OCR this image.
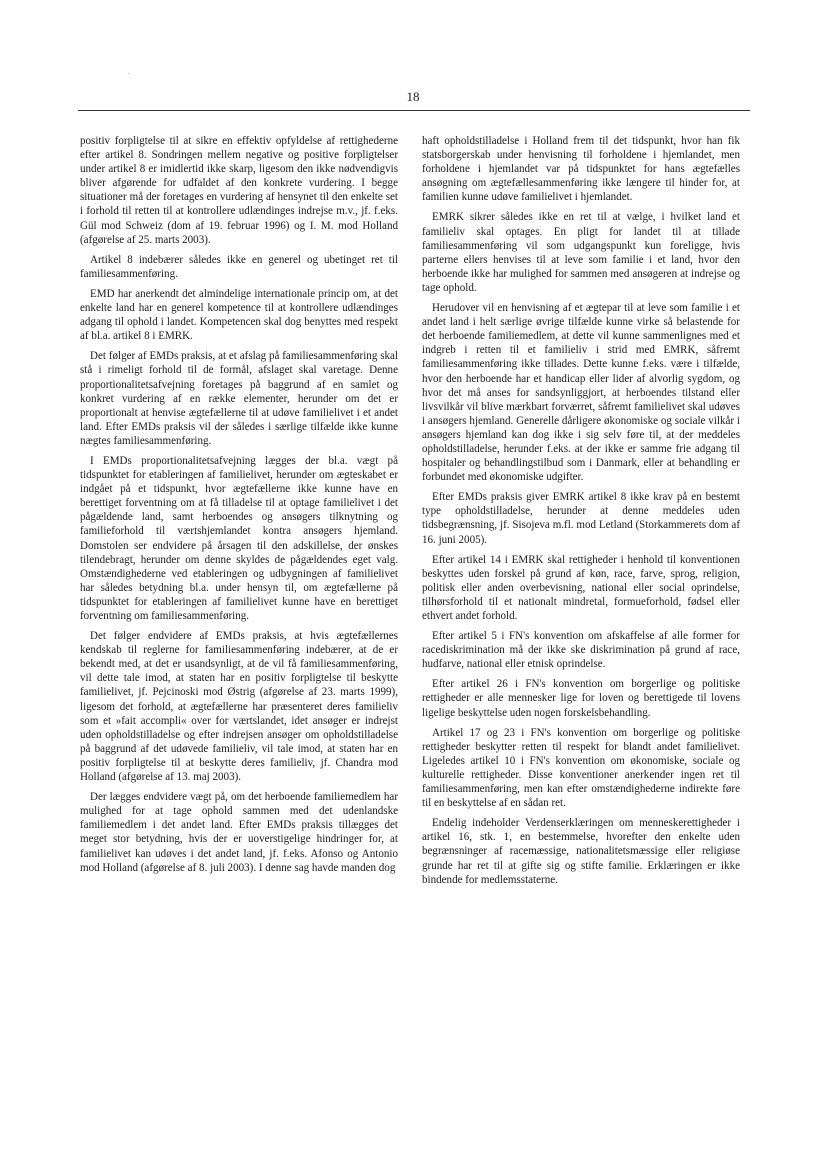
18

positiv forpligtelse til at sikre en effektiv opfyldelse af rettighederne efter artikel 8. Sondringen mellem negative og positive forpligtelser under artikel 8 er imidlertid ikke skarp, ligesom den ikke nødvendigvis bliver afgørende for udfaldet af den konkrete vurdering. I begge situationer må der foretages en vurdering af hensynet til den enkelte set i forhold til retten til at kontrollere udlændinges indrejse m.v., jf. f.eks. Gül mod Schweiz (dom af 19. februar 1996) og I. M. mod Holland (afgørelse af 25. marts 2003).

Artikel 8 indebærer således ikke en generel og ubetinget ret til familiesammenføring.

EMD har anerkendt det almindelige internationale princip om, at det enkelte land har en generel kompetence til at kontrollere udlændinges adgang til ophold i landet. Kompetencen skal dog benyttes med respekt af bl.a. artikel 8 i EMRK.

Det følger af EMDs praksis, at et afslag på familiesammenføring skal stå i rimeligt forhold til de formål, afslaget skal varetage. Denne proportionalitetsafvejning foretages på baggrund af en samlet og konkret vurdering af en række elementer, herunder om det er proportionalt at henvise ægtefællerne til at udøve familielivet i et andet land. Efter EMDs praksis vil der således i særlige tilfælde ikke kunne nægtes familiesammenføring.

I EMDs proportionalitetsafvejning lægges der bl.a. vægt på tidspunktet for etableringen af familielivet, herunder om ægteskabet er indgået på et tidspunkt, hvor ægtefællerne ikke kunne have en berettiget forventning om at få tilladelse til at optage familielivet i det pågældende land, samt herboendes og ansøgers tilknytning og familieforhold til værtshjemlandet kontra ansøgers hjemland. Domstolen ser endvidere på årsagen til den adskillelse, der ønskes tilendebragt, herunder om denne skyldes de pågældendes eget valg. Omstændighederne ved etableringen og udbygningen af familielivet har således betydning bl.a. under hensyn til, om ægtefællerne på tidspunktet for etableringen af familielivet kunne have en berettiget forventning om familiesammenføring.

Det følger endvidere af EMDs praksis, at hvis ægtefællernes kendskab til reglerne for familiesammenføring indebærer, at de er bekendt med, at det er usandsynligt, at de vil få familiesammenføring, vil dette tale imod, at staten har en positiv forpligtelse til beskytte familielivet, jf. Pejcinoski mod Østrig (afgørelse af 23. marts 1999), ligesom det forhold, at ægtefællerne har præsenteret deres familieliv som et »fait accompli« over for værtslandet, idet ansøger er indrejst uden opholdstilladelse og efter indrejsen ansøger om opholdstilladelse på baggrund af det udøvede familieliv, vil tale imod, at staten har en positiv forpligtelse til at beskytte deres familieliv, jf. Chandra mod Holland (afgørelse af 13. maj 2003).

Der lægges endvidere vægt på, om det herboende familiemedlem har mulighed for at tage ophold sammen med det udenlandske familiemedlem i det andet land. Efter EMDs praksis tillægges det meget stor betydning, hvis der er uoverstigelige hindringer for, at familielivet kan udøves i det andet land, jf. f.eks. Afonso og Antonio mod Holland (afgørelse af 8. juli 2003). I denne sag havde manden dog

haft opholdstilladelse i Holland frem til det tidspunkt, hvor han fik statsborgerskab under henvisning til forholdene i hjemlandet, men forholdene i hjemlandet var på tidspunktet for hans ægtefælles ansøgning om ægtefællesammenføring ikke længere til hinder for, at familien kunne udøve familielivet i hjemlandet.

EMRK sikrer således ikke en ret til at vælge, i hvilket land et familieliv skal optages. En pligt for landet til at tillade familiesammenføring vil som udgangspunkt kun foreligge, hvis parterne ellers henvises til at leve som familie i et land, hvor den herboende ikke har mulighed for sammen med ansøgeren at indrejse og tage ophold.

Herudover vil en henvisning af et ægtepar til at leve som familie i et andet land i helt særlige øvrige tilfælde kunne virke så belastende for det herboende familiemedlem, at dette vil kunne sammenlignes med et indgreb i retten til et familieliv i strid med EMRK, såfremt familiesammenføring ikke tillades. Dette kunne f.eks. være i tilfælde, hvor den herboende har et handicap eller lider af alvorlig sygdom, og hvor det må anses for sandsynliggjort, at herboendes tilstand eller livsvilkår vil blive mærkbart forværret, såfremt familielivet skal udøves i ansøgers hjemland. Generelle dårligere økonomiske og sociale vilkår i ansøgers hjemland kan dog ikke i sig selv føre til, at der meddeles opholdstilladelse, herunder f.eks. at der ikke er samme frie adgang til hospitaler og behandlingstilbud som i Danmark, eller at behandling er forbundet med økonomiske udgifter.

Efter EMDs praksis giver EMRK artikel 8 ikke krav på en bestemt type opholdstilladelse, herunder at denne meddeles uden tidsbegrænsning, jf. Sisojeva m.fl. mod Letland (Storkammerets dom af 16. juni 2005).

Efter artikel 14 i EMRK skal rettigheder i henhold til konventionen beskyttes uden forskel på grund af køn, race, farve, sprog, religion, politisk eller anden overbevisning, national eller social oprindelse, tilhørsforhold til et nationalt mindretal, formueforhold, fødsel eller ethvert andet forhold.

Efter artikel 5 i FN's konvention om afskaffelse af alle former for racediskrimination må der ikke ske diskrimination på grund af race, hudfarve, national eller etnisk oprindelse.

Efter artikel 26 i FN's konvention om borgerlige og politiske rettigheder er alle mennesker lige for loven og berettigede til lovens ligelige beskyttelse uden nogen forskelsbehandling.

Artikel 17 og 23 i FN's konvention om borgerlige og politiske rettigheder beskytter retten til respekt for blandt andet familielivet. Ligeledes artikel 10 i FN's konvention om økonomiske, sociale og kulturelle rettigheder. Disse konventioner anerkender ingen ret til familiesammenføring, men kan efter omstændighederne indirekte føre til en beskyttelse af en sådan ret.

Endelig indeholder Verdenserklæringen om menneskerettigheder i artikel 16, stk. 1, en bestemmelse, hvorefter den enkelte uden begrænsninger af racemæssige, nationalitetsmæssige eller religiøse grunde har ret til at gifte sig og stifte familie. Erklæringen er ikke bindende for medlemsstaterne.
